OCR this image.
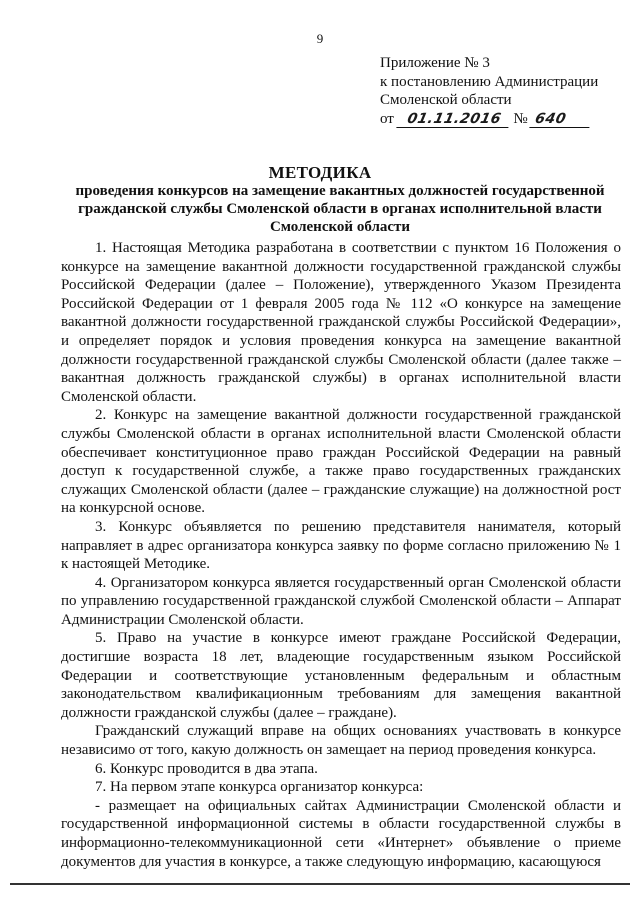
9
Приложение № 3
к постановлению Администрации
Смоленской области
от 01.11.2016 № 640
МЕТОДИКА
проведения конкурсов на замещение вакантных должностей государственной гражданской службы Смоленской области в органах исполнительной власти Смоленской области

1. Настоящая Методика разработана в соответствии с пунктом 16 Положения о конкурсе на замещение вакантной должности государственной гражданской службы Российской Федерации (далее – Положение), утвержденного Указом Президента Российской Федерации от 1 февраля 2005 года № 112 «О конкурсе на замещение вакантной должности государственной гражданской службы Российской Федерации», и определяет порядок и условия проведения конкурса на замещение вакантной должности государственной гражданской службы Смоленской области (далее также – вакантная должность гражданской службы) в органах исполнительной власти Смоленской области.

2. Конкурс на замещение вакантной должности государственной гражданской службы Смоленской области в органах исполнительной власти Смоленской области обеспечивает конституционное право граждан Российской Федерации на равный доступ к государственной службе, а также право государственных гражданских служащих Смоленской области (далее – гражданские служащие) на должностной рост на конкурсной основе.

3. Конкурс объявляется по решению представителя нанимателя, который направляет в адрес организатора конкурса заявку по форме согласно приложению № 1 к настоящей Методике.

4. Организатором конкурса является государственный орган Смоленской области по управлению государственной гражданской службой Смоленской области – Аппарат Администрации Смоленской области.

5. Право на участие в конкурсе имеют граждане Российской Федерации, достигшие возраста 18 лет, владеющие государственным языком Российской Федерации и соответствующие установленным федеральным и областным законодательством квалификационным требованиям для замещения вакантной должности гражданской службы (далее – граждане).

Гражданский служащий вправе на общих основаниях участвовать в конкурсе независимо от того, какую должность он замещает на период проведения конкурса.

6. Конкурс проводится в два этапа.

7. На первом этапе конкурса организатор конкурса:

- размещает на официальных сайтах Администрации Смоленской области и государственной информационной системы в области государственной службы в информационно-телекоммуникационной сети «Интернет» объявление о приеме документов для участия в конкурсе, а также следующую информацию, касающуюся
